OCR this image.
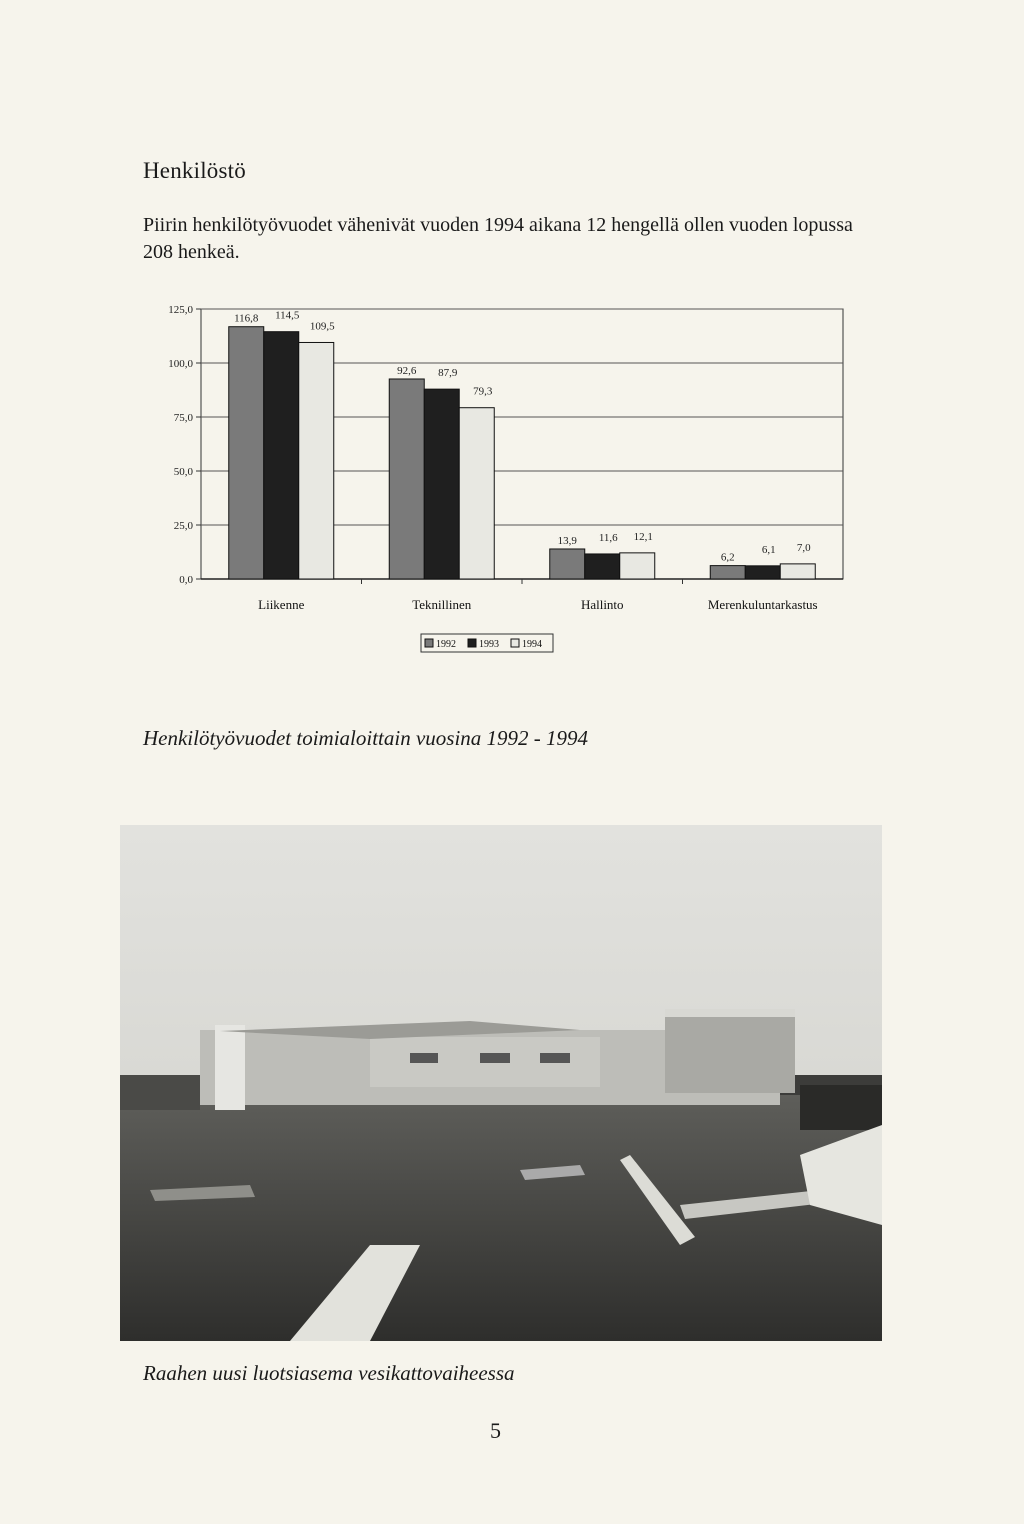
Henkilöstö
Piirin henkilötyövuodet vähenivät vuoden 1994 aikana 12 hengellä ollen vuoden lopussa 208 henkeä.
0,0
25,0
50,0
75,0
100,0
125,0
116,8 114,5
109,5
Liikenne
92,6 87,9
79,3
Teknillinen
13,9 11,6 12,1
Hallinto
6,2
6,1 7,0
Merenkuluntarkastus
1992 1993 1994
Henkilötyövuodet toimialoittain vuosina 1992 - 1994
Raahen uusi luotsiasema vesikattovaiheessa
5
